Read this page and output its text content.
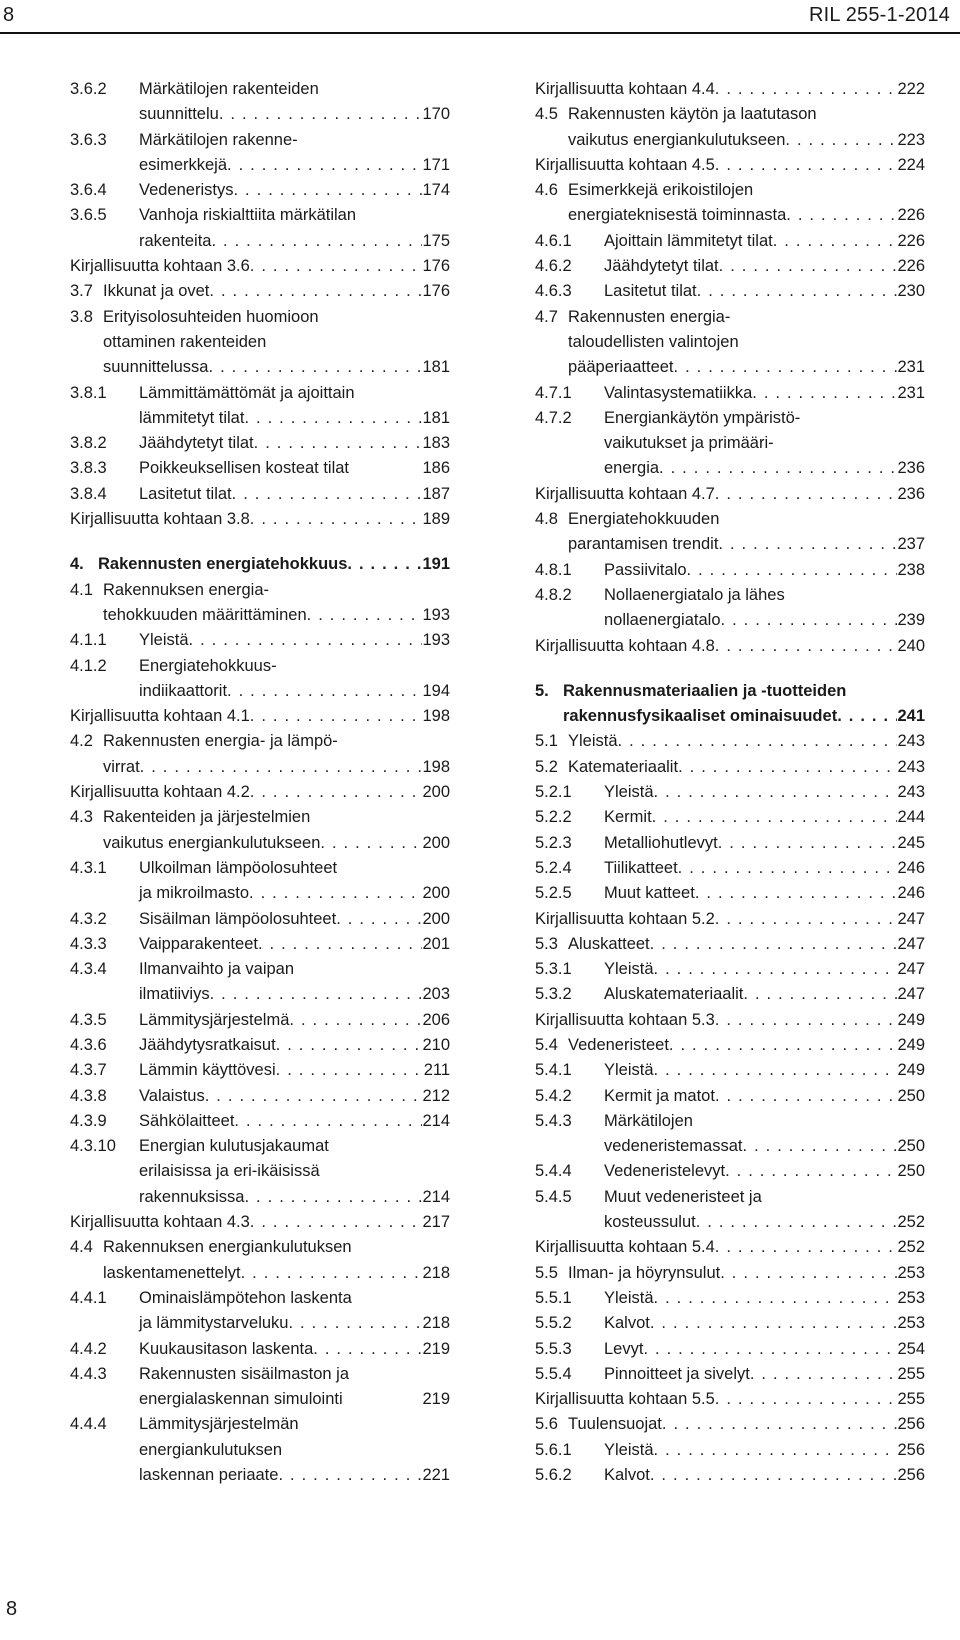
8	RIL 255-1-2014
3.6.2 Märkätilojen rakenteiden
suunnittelu . . .	170
3.6.3 Märkätilojen rakenne-
esimerkkejä . . .	171
3.6.4 Vedeneristys . . .	174
3.6.5 Vanhoja riskialttiita märkätilan
rakenteita . . .	175
Kirjallisuutta kohtaan 3.6 . . .	176
3.7 Ikkunat ja ovet . . .	176
3.8 Erityisolosuhteiden huomioon
ottaminen rakenteiden
suunnittelussa . . .	181
3.8.1 Lämmittämättömät ja ajoittain
lämmitetyt tilat . . .	181
3.8.2 Jäähdytetyt tilat . . .	183
3.8.3 Poikkeuksellisen kosteat tilat	186
3.8.4 Lasitetut tilat . . .	187
Kirjallisuutta kohtaan 3.8 . . .	189
4. Rakennusten energiatehokkuus . . .	191
4.1 Rakennuksen energia-
tehokkuuden määrittäminen . . .	193
4.1.1 Yleistä . . .	193
4.1.2 Energiatehokkuus-
indiikaattorit . . .	194
Kirjallisuutta kohtaan 4.1 . . .	198
4.2 Rakennusten energia- ja lämpö-
virrat . . .	198
Kirjallisuutta kohtaan 4.2 . . .	200
4.3 Rakenteiden ja järjestelmien
vaikutus energiankulutukseen . . .	200
4.3.1 Ulkoilman lämpöolosuhteet
ja mikroilmasto . . .	200
4.3.2 Sisäilman lämpöolosuhteet . . .	200
4.3.3 Vaipparakenteet . . .	201
4.3.4 Ilmanvaihto ja vaipan
ilmatiiviys . . .	203
4.3.5 Lämmitysjärjestelmä . . .	206
4.3.6 Jäähdytysratkaisut . . .	210
4.3.7 Lämmin käyttövesi . . .	211
4.3.8 Valaistus . . .	212
4.3.9 Sähkölaitteet . . .	214
4.3.10 Energian kulutusjakaumat
erilaisissa ja eri-ikäisissä
rakennuksissa . . .	214
Kirjallisuutta kohtaan 4.3 . . .	217
4.4 Rakennuksen energiankulutuksen
laskentamenettelyt . . .	218
4.4.1 Ominaislämpötehon laskenta
ja lämmitystarveluku . . .	218
4.4.2 Kuukausitason laskenta . . .	219
4.4.3 Rakennusten sisäilmaston ja
energialaskennan simulointi	219
4.4.4 Lämmitysjärjestelmän
energiankulutuksen
laskennan periaate . . .	221
Kirjallisuutta kohtaan 4.4 . . .	222
4.5 Rakennusten käytön ja laatutason
vaikutus energiankulutukseen . . .	223
Kirjallisuutta kohtaan 4.5 . . .	224
4.6 Esimerkkejä erikoistilojen
energiateknisestä toiminnasta . . .	226
4.6.1 Ajoittain lämmitetyt tilat . . .	226
4.6.2 Jäähdytetyt tilat . . .	226
4.6.3 Lasitetut tilat . . .	230
4.7 Rakennusten energia-
taloudellisten valintojen
pääperiaatteet . . .	231
4.7.1 Valintasystematiikka . . .	231
4.7.2 Energiankäytön ympäristö-
vaikutukset ja primääri-
energia . . .	236
Kirjallisuutta kohtaan 4.7 . . .	236
4.8 Energiatehokkuuden
parantamisen trendit . . .	237
4.8.1 Passiivitalo . . .	238
4.8.2 Nollaenergiatalo ja lähes
nollaenergiatalo . . .	239
Kirjallisuutta kohtaan 4.8 . . .	240
5. Rakennusmateriaalien ja -tuotteiden
rakennusfysikaaliset ominaisuudet . . .	241
5.1 Yleistä . . .	243
5.2 Katemateriaalit . . .	243
5.2.1 Yleistä . . .	243
5.2.2 Kermit . . .	244
5.2.3 Metalliohutlevyt . . .	245
5.2.4 Tiilikatteet . . .	246
5.2.5 Muut katteet . . .	246
Kirjallisuutta kohtaan 5.2 . . .	247
5.3 Aluskatteet . . .	247
5.3.1 Yleistä . . .	247
5.3.2 Aluskatemateriaalit . . .	247
Kirjallisuutta kohtaan 5.3 . . .	249
5.4 Vedeneristeet . . .	249
5.4.1 Yleistä . . .	249
5.4.2 Kermit ja matot . . .	250
5.4.3 Märkätilojen
vedeneristemassat . . .	250
5.4.4 Vedeneristelevyt . . .	250
5.4.5 Muut vedeneristeet ja
kosteussulut . . .	252
Kirjallisuutta kohtaan 5.4 . . .	252
5.5 Ilman- ja höyrynsulut . . .	253
5.5.1 Yleistä . . .	253
5.5.2 Kalvot . . .	253
5.5.3 Levyt . . .	254
5.5.4 Pinnoitteet ja sivelyt . . .	255
Kirjallisuutta kohtaan 5.5 . . .	255
5.6 Tuulensuojat . . .	256
5.6.1 Yleistä . . .	256
5.6.2 Kalvot . . .	256
8
